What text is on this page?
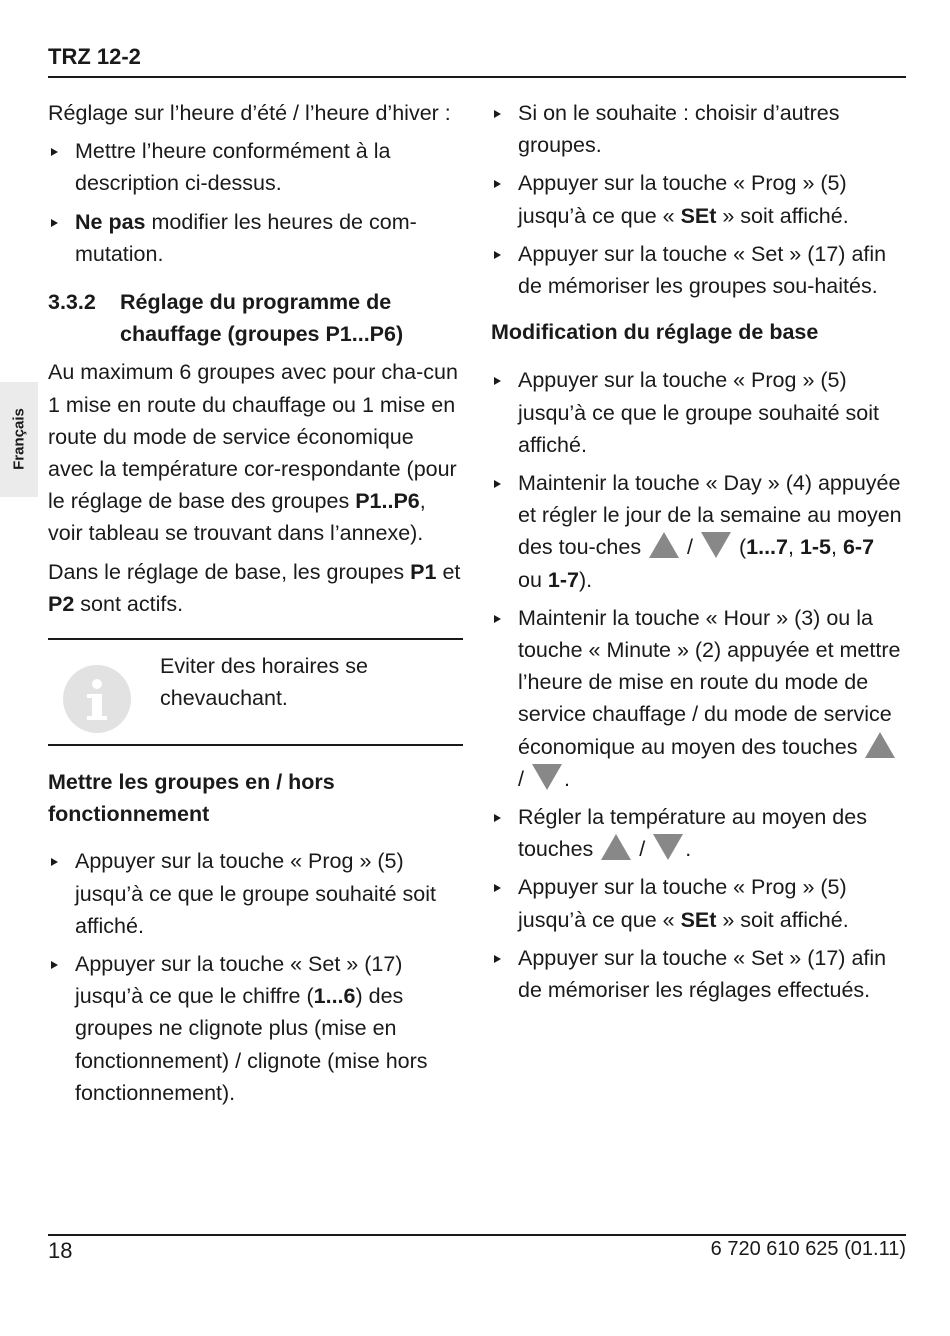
TRZ 12-2
Français

Réglage sur l’heure d’été / l’heure d’hiver :

Mettre l’heure conformément à la description ci-dessus.
Ne pas modifier les heures de com-mutation.
3.3.2	Réglage du programme de chauffage (groupes P1...P6)

Au maximum 6 groupes avec pour cha-cun 1 mise en route du chauffage ou 1 mise en route du mode de service économique avec la température cor-respondante (pour le réglage de base des groupes P1..P6, voir tableau se trouvant dans l’annexe).

Dans le réglage de base, les groupes P1 et P2 sont actifs.

Eviter des horaires se chevauchant.
Mettre les groupes en / hors fonctionnement
Appuyer sur la touche « Prog » (5) jusqu’à ce que le groupe souhaité soit affiché.
Appuyer sur la touche « Set » (17) jusqu’à ce que le chiffre (1...6) des groupes ne clignote plus (mise en fonctionnement) / clignote (mise hors fonctionnement).
Si on le souhaite : choisir d’autres groupes.
Appuyer sur la touche « Prog » (5) jusqu’à ce que « SEt » soit affiché.
Appuyer sur la touche « Set » (17) afin de mémoriser les groupes sou-haités.
Modification du réglage de base
Appuyer sur la touche « Prog » (5) jusqu’à ce que le groupe souhaité soit affiché.
Maintenir la touche « Day » (4) appuyée et régler le jour de la semaine au moyen des tou-ches  /  (1...7, 1-5, 6-7 ou 1-7).
Maintenir la touche « Hour » (3) ou la touche « Minute » (2) appuyée et mettre l’heure de mise en route du mode de service chauffage / du mode de service économique au moyen des touches  / .
Régler la température au moyen des touches  / .
Appuyer sur la touche « Prog » (5) jusqu’à ce que « SEt » soit affiché.
Appuyer sur la touche « Set » (17) afin de mémoriser les réglages effectués.
18	6 720 610 625 (01.11)
